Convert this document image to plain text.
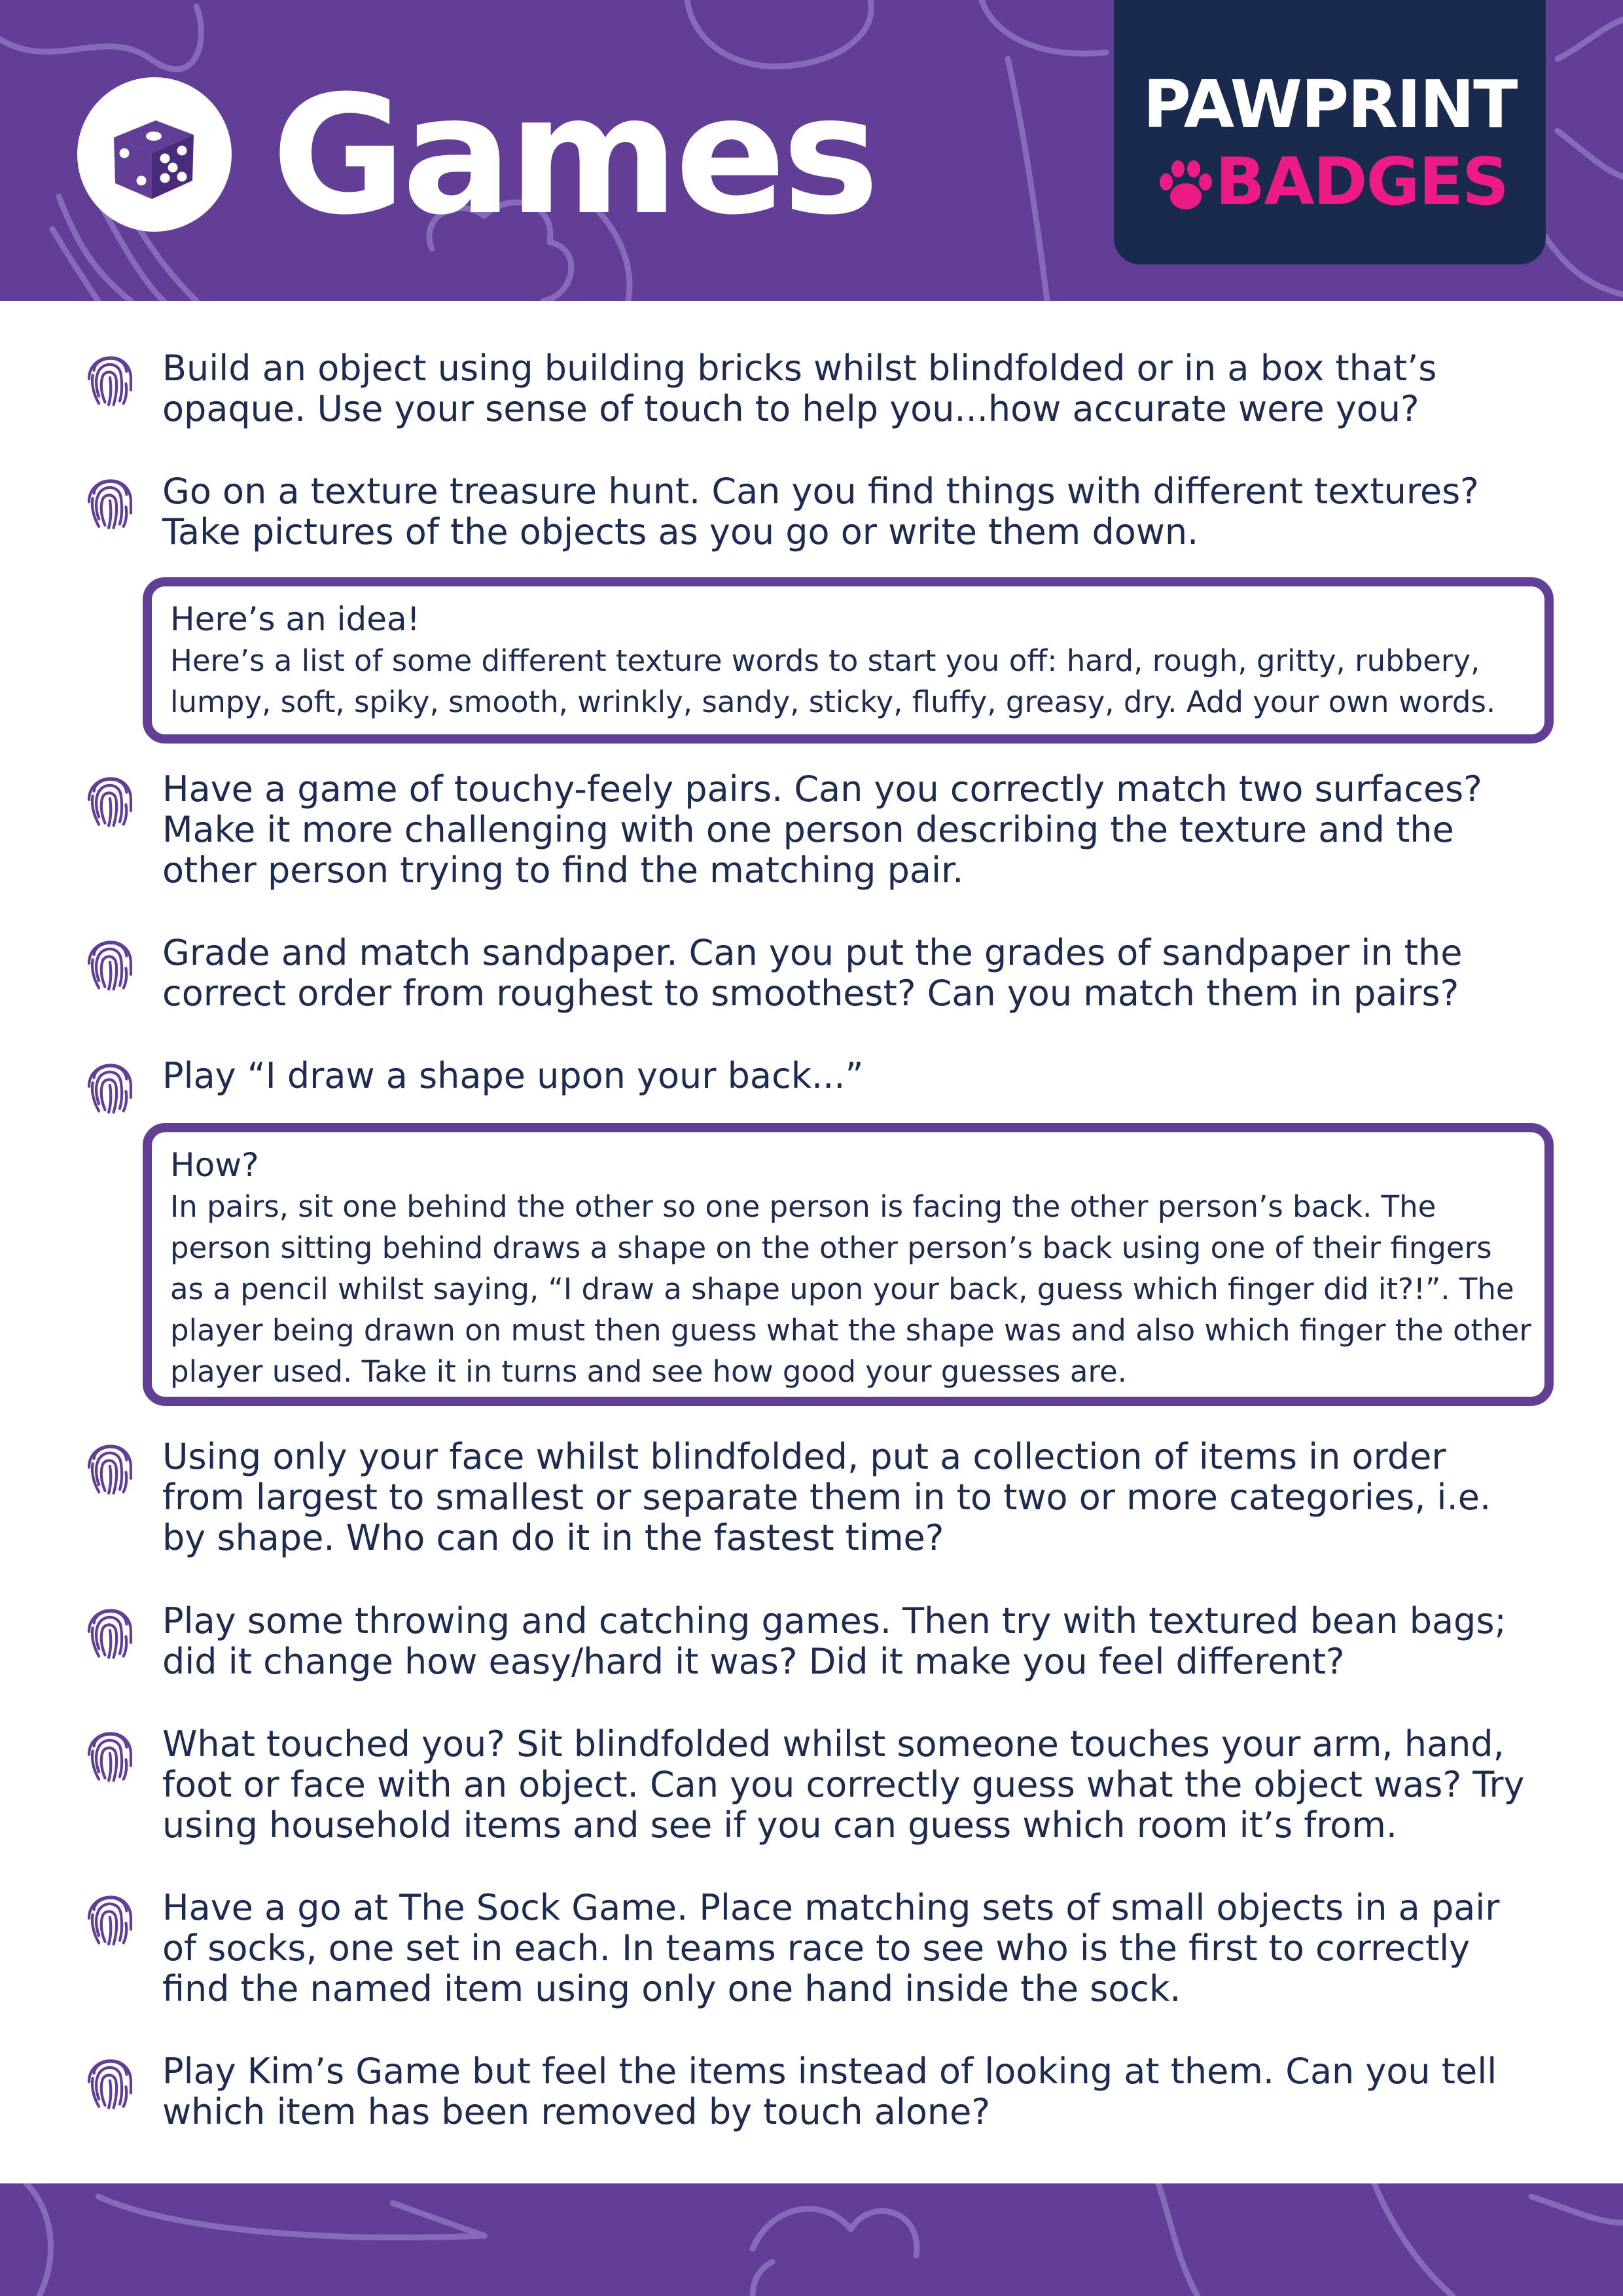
Games	PAWPRINT
BADGES
Build an object using building bricks whilst blindfolded or in a box that’s opaque. Use your sense of touch to help you...how accurate were you?
Go on a texture treasure hunt. Can you find things with different textures? Take pictures of the objects as you go or write them down.
Here’s an idea!
Here’s a list of some different texture words to start you off: hard, rough, gritty, rubbery, lumpy, soft, spiky, smooth, wrinkly, sandy, sticky, fluffy, greasy, dry. Add your own words.
Have a game of touchy-feely pairs. Can you correctly match two surfaces? Make it more challenging with one person describing the texture and the other person trying to find the matching pair.
Grade and match sandpaper. Can you put the grades of sandpaper in the correct order from roughest to smoothest? Can you match them in pairs?
Play “I draw a shape upon your back...”
How?
In pairs, sit one behind the other so one person is facing the other person’s back. The person sitting behind draws a shape on the other person’s back using one of their fingers as a pencil whilst saying, “I draw a shape upon your back, guess which finger did it?!”. The player being drawn on must then guess what the shape was and also which finger the other player used. Take it in turns and see how good your guesses are.
Using only your face whilst blindfolded, put a collection of items in order from largest to smallest or separate them in to two or more categories, i.e. by shape. Who can do it in the fastest time?
Play some throwing and catching games. Then try with textured bean bags; did it change how easy/hard it was? Did it make you feel different?
What touched you? Sit blindfolded whilst someone touches your arm, hand, foot or face with an object. Can you correctly guess what the object was? Try using household items and see if you can guess which room it’s from.
Have a go at The Sock Game. Place matching sets of small objects in a pair of socks, one set in each. In teams race to see who is the first to correctly find the named item using only one hand inside the sock.
Play Kim’s Game but feel the items instead of looking at them. Can you tell which item has been removed by touch alone?
